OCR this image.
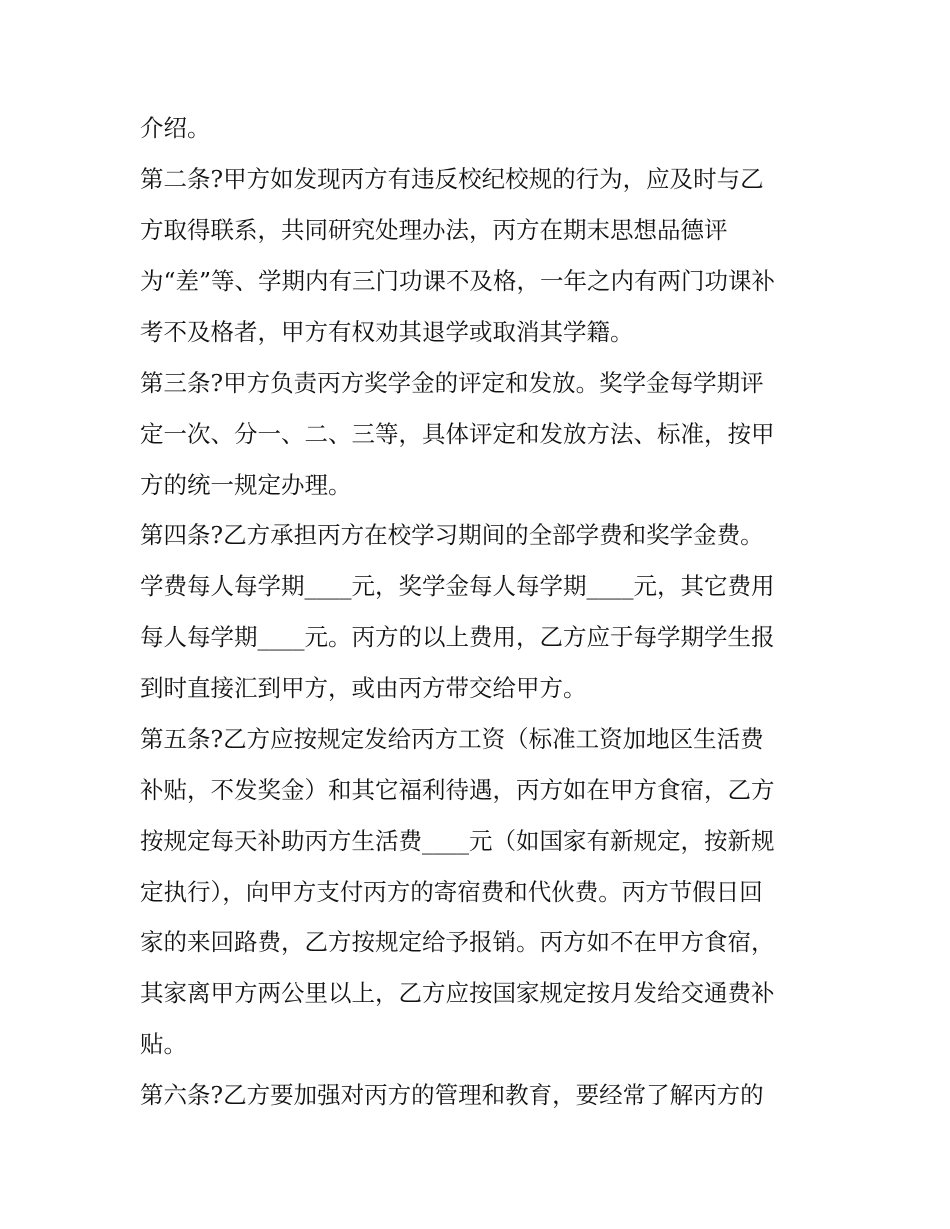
介绍。
第二条?甲方如发现丙方有违反校纪校规的行为，应及时与乙
方取得联系，共同研究处理办法，丙方在期末思想品德评
为“差”等、学期内有三门功课不及格，一年之内有两门功课补
考不及格者，甲方有权劝其退学或取消其学籍。
第三条?甲方负责丙方奖学金的评定和发放。奖学金每学期评
定一次、分一、二、三等，具体评定和发放方法、标准，按甲
方的统一规定办理。
第四条?乙方承担丙方在校学习期间的全部学费和奖学金费。
学费每人每学期____元，奖学金每人每学期____元，其它费用
每人每学期____元。丙方的以上费用，乙方应于每学期学生报
到时直接汇到甲方，或由丙方带交给甲方。
第五条?乙方应按规定发给丙方工资（标准工资加地区生活费
补贴，不发奖金）和其它福利待遇，丙方如在甲方食宿，乙方
按规定每天补助丙方生活费____元（如国家有新规定，按新规
定执行），向甲方支付丙方的寄宿费和代伙费。丙方节假日回
家的来回路费，乙方按规定给予报销。丙方如不在甲方食宿，
其家离甲方两公里以上，乙方应按国家规定按月发给交通费补
贴。
第六条?乙方要加强对丙方的管理和教育，要经常了解丙方的
